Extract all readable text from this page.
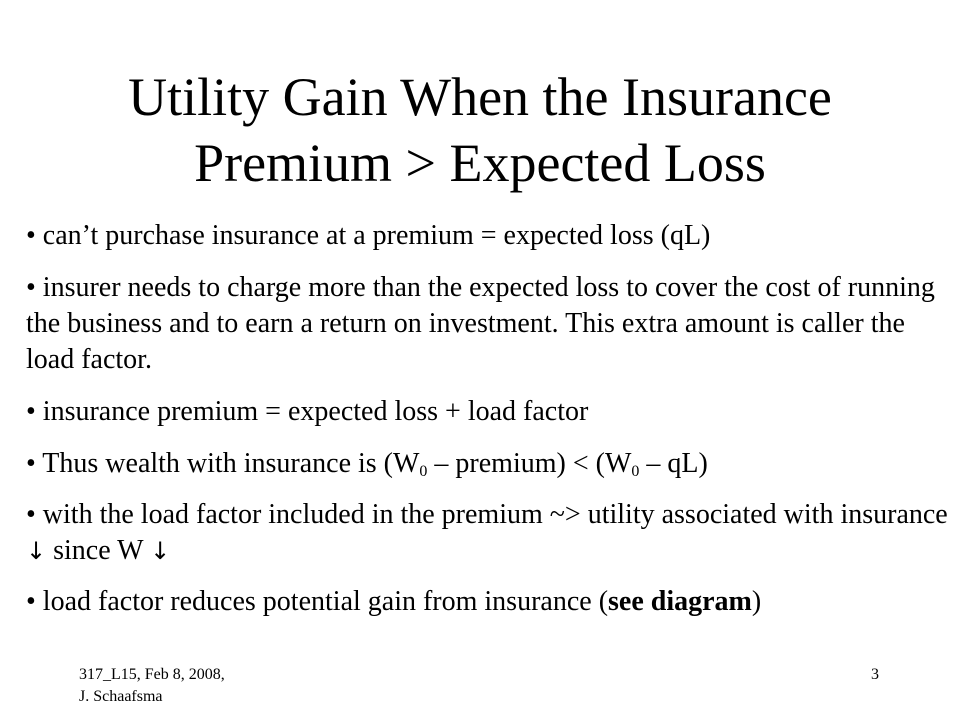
Utility Gain When the Insurance
Premium > Expected Loss

• can’t purchase insurance at a premium = expected loss (qL)

• insurer needs to charge more than the expected loss to cover the cost of running the business and to earn a return on investment. This extra amount is caller the load factor.

• insurance premium = expected loss + load factor

• Thus wealth with insurance is ($W_0$ – premium) < $(W_0 - qL)$

• with the load factor included in the premium ~> utility associated with insurance ↓ since W ↓

• load factor reduces potential gain from insurance (see diagram)

317_L15, Feb 8, 2008,
J. Schaafsma
3
